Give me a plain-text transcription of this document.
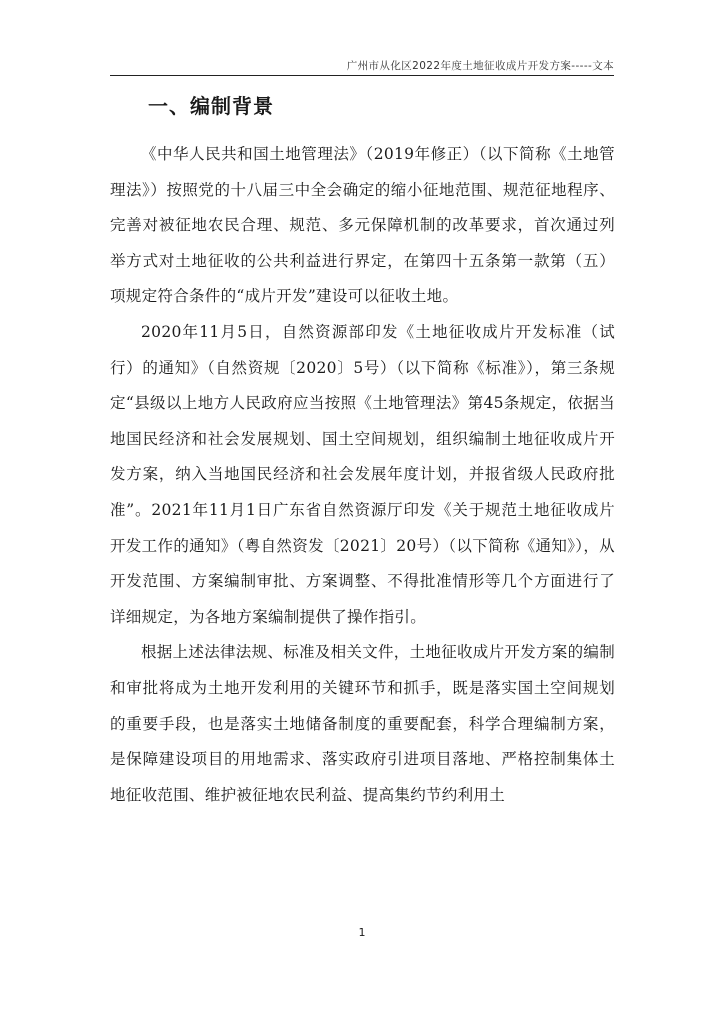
广州市从化区2022年度土地征收成片开发方案-----文本
一、编制背景

《中华人民共和国土地管理法》（2019年修正）（以下简称《土地管理法》）按照党的十八届三中全会确定的缩小征地范围、规范征地程序、完善对被征地农民合理、规范、多元保障机制的改革要求，首次通过列举方式对土地征收的公共利益进行界定，在第四十五条第一款第（五）项规定符合条件的“成片开发”建设可以征收土地。

2020年11月5日，自然资源部印发《土地征收成片开发标准（试行）的通知》（自然资规〔2020〕5号）（以下简称《标准》），第三条规定“县级以上地方人民政府应当按照《土地管理法》第45条规定，依据当地国民经济和社会发展规划、国土空间规划，组织编制土地征收成片开发方案，纳入当地国民经济和社会发展年度计划，并报省级人民政府批准”。2021年11月1日广东省自然资源厅印发《关于规范土地征收成片开发工作的通知》（粤自然资发〔2021〕20号）（以下简称《通知》），从开发范围、方案编制审批、方案调整、不得批准情形等几个方面进行了详细规定，为各地方案编制提供了操作指引。

根据上述法律法规、标准及相关文件，土地征收成片开发方案的编制和审批将成为土地开发利用的关键环节和抓手，既是落实国土空间规划的重要手段，也是落实土地储备制度的重要配套，科学合理编制方案，是保障建设项目的用地需求、落实政府引进项目落地、严格控制集体土地征收范围、维护被征地农民利益、提高集约节约利用土

1
